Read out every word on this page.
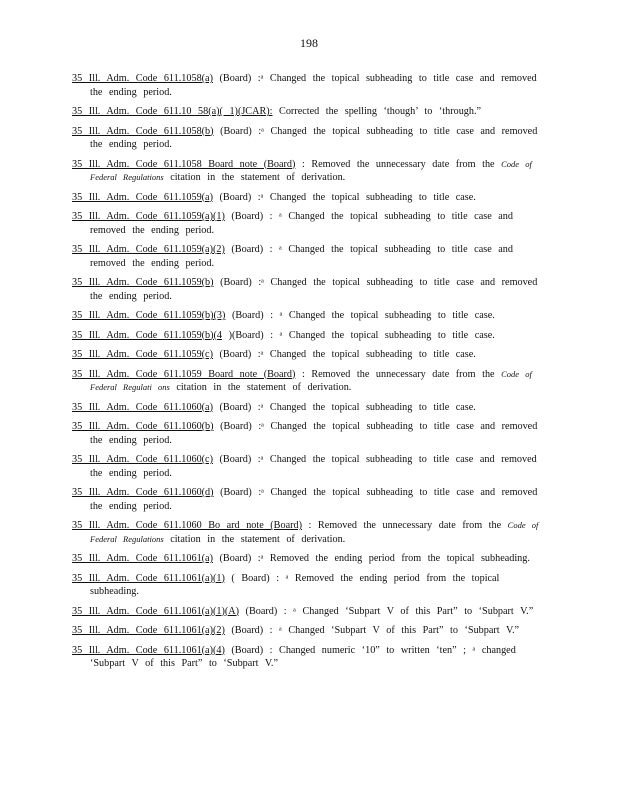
198
35 Ill. Adm. Code 611.1058(a) (Board) :ᵃ Changed the topical subheading to title case and removed the ending period.
35 Ill. Adm. Code 611.10 58(a)( 1)(JCAR): Corrected the spelling ‘though’ to ‘through.”
35 Ill. Adm. Code 611.1058(b) (Board) :ᵃ Changed the topical subheading to title case and removed the ending period.
35 Ill. Adm. Code 611.1058 Board note (Board) : Removed the unnecessary date from the Code of Federal Regulations citation in the statement of derivation.
35 Ill. Adm. Code 611.1059(a) (Board) :ᵃ Changed the topical subheading to title case.
35 Ill. Adm. Code 611.1059(a)(1) (Board) : ᵃ Changed the topical subheading to title case and removed the ending period.
35 Ill. Adm. Code 611.1059(a)(2) (Board) : ᵃ Changed the topical subheading to title case and removed the ending period.
35 Ill. Adm. Code 611.1059(b) (Board) :ᵃ Changed the topical subheading to title case and removed the ending period.
35 Ill. Adm. Code 611.1059(b)(3) (Board) : ᵃ Changed the topical subheading to title case.
35 Ill. Adm. Code 611.1059(b)(4 )(Board) : ᵃ Changed the topical subheading to title case.
35 Ill. Adm. Code 611.1059(c) (Board) :ᵃ Changed the topical subheading to title case.
35 Ill. Adm. Code 611.1059 Board note (Board) : Removed the unnecessary date from the Code of Federal Regulati ons citation in the statement of derivation.
35 Ill. Adm. Code 611.1060(a) (Board) :ᵃ Changed the topical subheading to title case.
35 Ill. Adm. Code 611.1060(b) (Board) :ᵃ Changed the topical subheading to title case and removed the ending period.
35 Ill. Adm. Code 611.1060(c) (Board) :ᵃ Changed the topical subheading to title case and removed the ending period.
35 Ill. Adm. Code 611.1060(d) (Board) :ᵃ Changed the topical subheading to title case and removed the ending period.
35 Ill. Adm. Code 611.1060 Bo ard note (Board) : Removed the unnecessary date from the Code of Federal Regulations citation in the statement of derivation.
35 Ill. Adm. Code 611.1061(a) (Board) :ᵃ Removed the ending period from the topical subheading.
35 Ill. Adm. Code 611.1061(a)(1) ( Board) : ᵃ Removed the ending period from the topical subheading.
35 Ill. Adm. Code 611.1061(a)(1)(A) (Board) : ᵃ Changed ‘Subpart V of this Part” to ‘Subpart V.”
35 Ill. Adm. Code 611.1061(a)(2) (Board) : ᵃ Changed ‘Subpart V of this Part” to ‘Subpart V.”
35 Ill. Adm. Code 611.1061(a)(4) (Board) : Changed numeric ‘10” to written ‘ten” ; ᵃ changed ‘Subpart V of this Part” to ‘Subpart V.”
